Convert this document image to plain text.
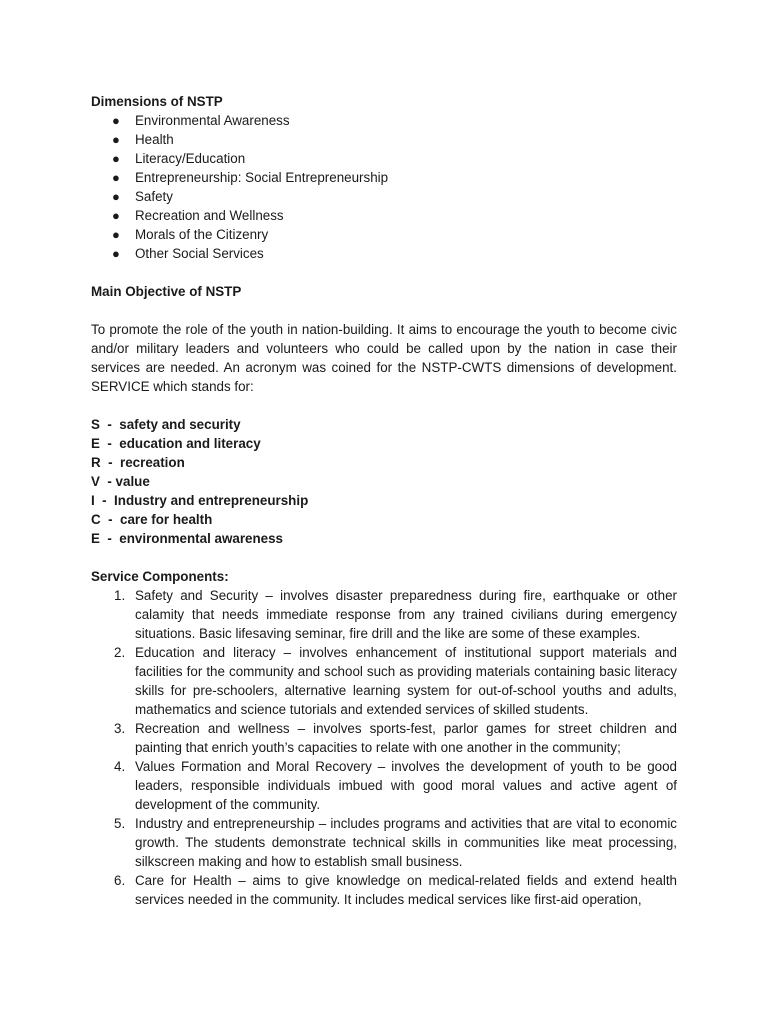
Dimensions of NSTP

● Environmental Awareness
● Health
● Literacy/Education
● Entrepreneurship: Social Entrepreneurship
● Safety
● Recreation and Wellness
● Morals of the Citizenry
● Other Social Services

Main Objective of NSTP

To promote the role of the youth in nation-building. It aims to encourage the youth to become civic and/or military leaders and volunteers who could be called upon by the nation in case their services are needed. An acronym was coined for the NSTP-CWTS dimensions of development. SERVICE which stands for:

S  -  safety and security
E  -  education and literacy
R  -  recreation
V  - value
I  -  Industry and entrepreneurship
C  -  care for health
E  -  environmental awareness

Service Components:

1. Safety and Security – involves disaster preparedness during fire, earthquake or other calamity that needs immediate response from any trained civilians during emergency situations. Basic lifesaving seminar, fire drill and the like are some of these examples.
2. Education and literacy – involves enhancement of institutional support materials and facilities for the community and school such as providing materials containing basic literacy skills for pre-schoolers, alternative learning system for out-of-school youths and adults, mathematics and science tutorials and extended services of skilled students.
3. Recreation and wellness – involves sports-fest, parlor games for street children and painting that enrich youth’s capacities to relate with one another in the community;
4. Values Formation and Moral Recovery – involves the development of youth to be good leaders, responsible individuals imbued with good moral values and active agent of development of the community.
5. Industry and entrepreneurship – includes programs and activities that are vital to economic growth. The students demonstrate technical skills in communities like meat processing, silkscreen making and how to establish small business.
6. Care for Health – aims to give knowledge on medical-related fields and extend health services needed in the community. It includes medical services like first-aid operation,
